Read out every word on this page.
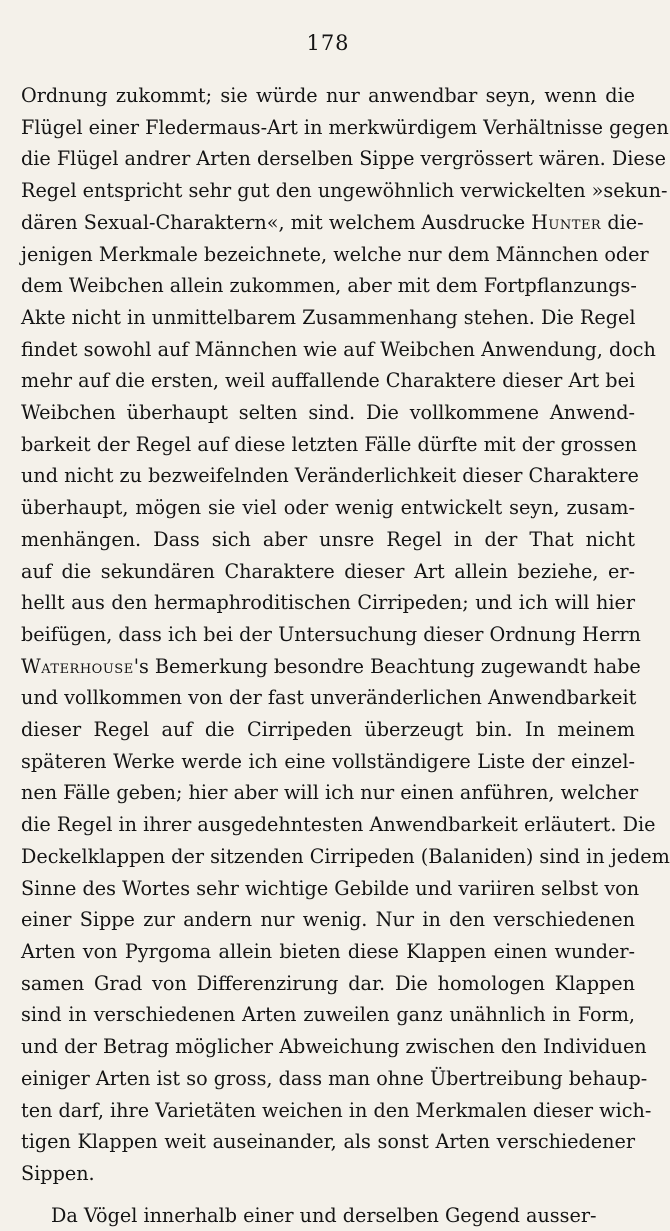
178
Ordnung zukommt; sie würde nur anwendbar seyn, wenn die
Flügel einer Fledermaus-Art in merkwürdigem Verhältnisse gegen
die Flügel andrer Arten derselben Sippe vergrössert wären. Diese
Regel entspricht sehr gut den ungewöhnlich verwickelten »sekun-
dären Sexual-Charaktern«, mit welchem Ausdrucke Hunter die-
jenigen Merkmale bezeichnete, welche nur dem Männchen oder
dem Weibchen allein zukommen, aber mit dem Fortpflanzungs-
Akte nicht in unmittelbarem Zusammenhang stehen. Die Regel
findet sowohl auf Männchen wie auf Weibchen Anwendung, doch
mehr auf die ersten, weil auffallende Charaktere dieser Art bei
Weibchen überhaupt selten sind. Die vollkommene Anwend-
barkeit der Regel auf diese letzten Fälle dürfte mit der grossen
und nicht zu bezweifelnden Veränderlichkeit dieser Charaktere
überhaupt, mögen sie viel oder wenig entwickelt seyn, zusam-
menhängen. Dass sich aber unsre Regel in der That nicht
auf die sekundären Charaktere dieser Art allein beziehe, er-
hellt aus den hermaphroditischen Cirripeden; und ich will hier
beifügen, dass ich bei der Untersuchung dieser Ordnung Herrn
Waterhouse's Bemerkung besondre Beachtung zugewandt habe
und vollkommen von der fast unveränderlichen Anwendbarkeit
dieser Regel auf die Cirripeden überzeugt bin. In meinem
späteren Werke werde ich eine vollständigere Liste der einzel-
nen Fälle geben; hier aber will ich nur einen anführen, welcher
die Regel in ihrer ausgedehntesten Anwendbarkeit erläutert. Die
Deckelklappen der sitzenden Cirripeden (Balaniden) sind in jedem
Sinne des Wortes sehr wichtige Gebilde und variiren selbst von
einer Sippe zur andern nur wenig. Nur in den verschiedenen
Arten von Pyrgoma allein bieten diese Klappen einen wunder-
samen Grad von Differenzirung dar. Die homologen Klappen
sind in verschiedenen Arten zuweilen ganz unähnlich in Form,
und der Betrag möglicher Abweichung zwischen den Individuen
einiger Arten ist so gross, dass man ohne Übertreibung behaup-
ten darf, ihre Varietäten weichen in den Merkmalen dieser wich-
tigen Klappen weit auseinander, als sonst Arten verschiedener
Sippen.
Da Vögel innerhalb einer und derselben Gegend ausser-
